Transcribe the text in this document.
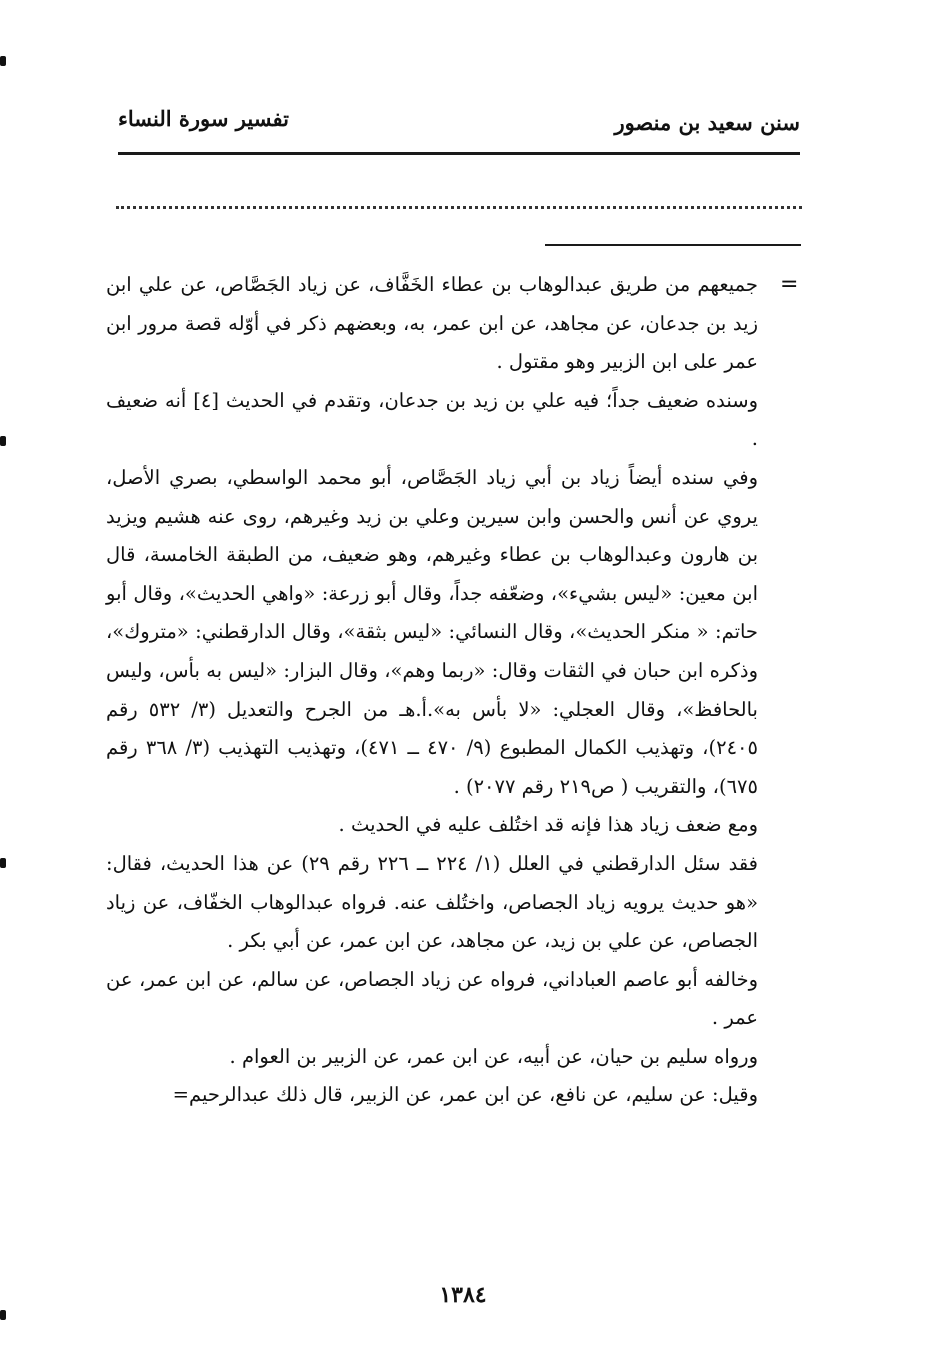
سنن سعيد بن منصور
تفسير سورة النساء
=

جميعهم من طريق عبدالوهاب بن عطاء الخَفَّاف، عن زياد الجَصَّاص، عن علي ابن زيد بن جدعان، عن مجاهد، عن ابن عمر، به، وبعضهم ذكر في أوّله قصة مرور ابن عمر على ابن الزبير وهو مقتول .

وسنده ضعيف جداً؛ فيه علي بن زيد بن جدعان، وتقدم في الحديث [٤] أنه ضعيف .

وفي سنده أيضاً زياد بن أبي زياد الجَصَّاص، أبو محمد الواسطي، بصري الأصل، يروي عن أنس والحسن وابن سيرين وعلي بن زيد وغيرهم، روى عنه هشيم ويزيد بن هارون وعبدالوهاب بن عطاء وغيرهم، وهو ضعيف، من الطبقة الخامسة، قال ابن معين: «ليس بشيء»، وضعّفه جداً، وقال أبو زرعة: «واهي الحديث»، وقال أبو حاتم: « منكر الحديث»، وقال النسائي: «ليس بثقة»، وقال الدارقطني: «متروك»، وذكره ابن حبان في الثقات وقال: «ربما وهم»، وقال البزار: «ليس به بأس، وليس بالحافظ»، وقال العجلي: «لا بأس به».أ.هـ من الجرح والتعديل (٣/ ٥٣٢ رقم ٢٤٠٥)، وتهذيب الكمال المطبوع (٩/ ٤٧٠ ــ ٤٧١)، وتهذيب التهذيب (٣/ ٣٦٨ رقم ٦٧٥)، والتقريب ( ص٢١٩ رقم ٢٠٧٧) .

ومع ضعف زياد هذا فإنه قد اختُلف عليه في الحديث .

فقد سئل الدارقطني في العلل (١/ ٢٢٤ ــ ٢٢٦ رقم ٢٩) عن هذا الحديث، فقال: «هو حديث يرويه زياد الجصاص، واختُلف عنه. فرواه عبدالوهاب الخفّاف، عن زياد الجصاص، عن علي بن زيد، عن مجاهد، عن ابن عمر، عن أبي بكر .

وخالفه أبو عاصم العباداني، فرواه عن زياد الجصاص، عن سالم، عن ابن عمر، عن عمر .

ورواه سليم بن حيان، عن أبيه، عن ابن عمر، عن الزبير بن العوام .

وقيل: عن سليم، عن نافع، عن ابن عمر، عن الزبير، قال ذلك عبدالرحيم=

١٣٨٤
